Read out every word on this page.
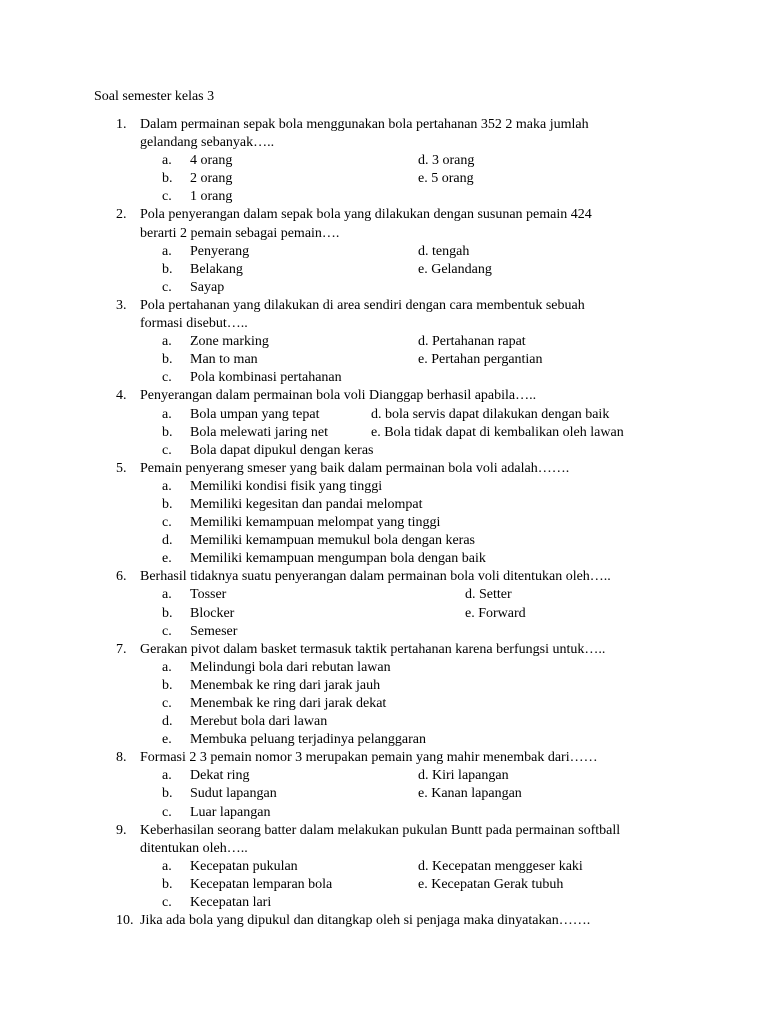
Soal semester kelas 3
1. Dalam permainan sepak bola menggunakan bola pertahanan 352 2 maka jumlah
gelandang sebanyak…..
a. 4 orang	d. 3 orang
b. 2 orang	e. 5 orang
c. 1 orang
2. Pola penyerangan dalam sepak bola yang dilakukan dengan susunan pemain 424
berarti 2 pemain sebagai pemain….
a. Penyerang	d. tengah
b. Belakang	e. Gelandang
c. Sayap
3. Pola pertahanan yang dilakukan di area sendiri dengan cara membentuk sebuah
formasi disebut…..
a. Zone marking	d. Pertahanan rapat
b. Man to man	e. Pertahan pergantian
c. Pola kombinasi pertahanan
4. Penyerangan dalam permainan bola voli Dianggap berhasil apabila…..
a. Bola umpan yang tepat	d. bola servis dapat dilakukan dengan baik
b. Bola melewati jaring net	e. Bola tidak dapat di kembalikan oleh lawan
c. Bola dapat dipukul dengan keras
5. Pemain penyerang smeser yang baik dalam permainan bola voli adalah…….
a. Memiliki kondisi fisik yang tinggi
b. Memiliki kegesitan dan pandai melompat
c. Memiliki kemampuan melompat yang tinggi
d. Memiliki kemampuan memukul bola dengan keras
e. Memiliki kemampuan mengumpan bola dengan baik
6. Berhasil tidaknya suatu penyerangan dalam permainan bola voli ditentukan oleh…..
a. Tosser	d. Setter
b. Blocker	e. Forward
c. Semeser
7. Gerakan pivot dalam basket termasuk taktik pertahanan karena berfungsi untuk…..
a. Melindungi bola dari rebutan lawan
b. Menembak ke ring dari jarak jauh
c. Menembak ke ring dari jarak dekat
d. Merebut bola dari lawan
e. Membuka peluang terjadinya pelanggaran
8. Formasi 2 3 pemain nomor 3 merupakan pemain yang mahir menembak dari……
a. Dekat ring	d. Kiri lapangan
b. Sudut lapangan	e. Kanan lapangan
c. Luar lapangan
9. Keberhasilan seorang batter dalam melakukan pukulan Buntt pada permainan softball
ditentukan oleh…..
a. Kecepatan pukulan	d. Kecepatan menggeser kaki
b. Kecepatan lemparan bola	e. Kecepatan Gerak tubuh
c. Kecepatan lari
10. Jika ada bola yang dipukul dan ditangkap oleh si penjaga maka dinyatakan…….
